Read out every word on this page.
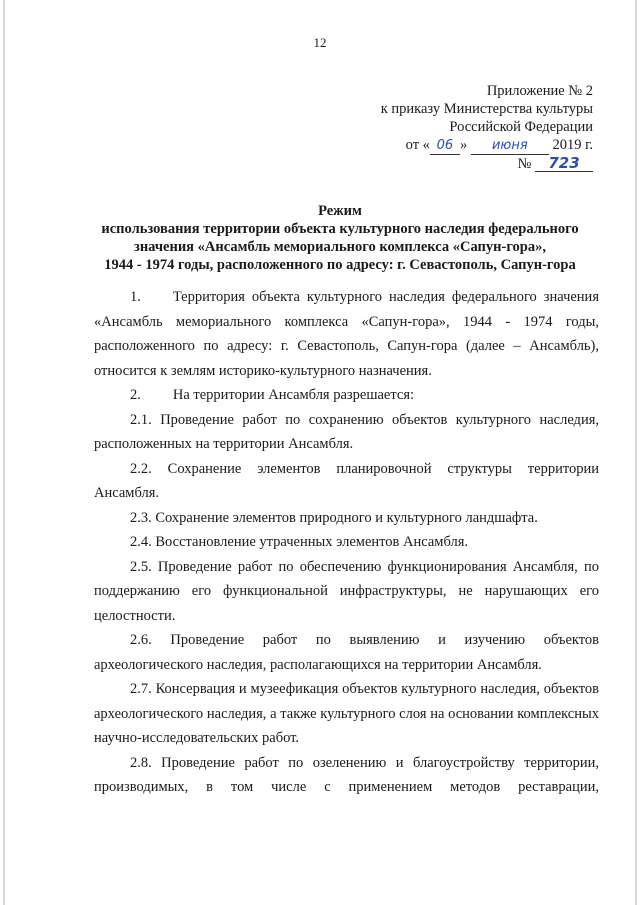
12
Приложение № 2
к приказу Министерства культуры
Российской Федерации
от « 06 » июня 2019 г.
№ 723
Режим
использования территории объекта культурного наследия федерального
значения «Ансамбль мемориального комплекса «Сапун-гора»,
1944 - 1974 годы, расположенного по адресу: г. Севастополь, Сапун-гора

1. Территория объекта культурного наследия федерального значения «Ансамбль мемориального комплекса «Сапун-гора», 1944 - 1974 годы, расположенного по адресу: г. Севастополь, Сапун-гора (далее – Ансамбль), относится к землям историко-культурного назначения.

2. На территории Ансамбля разрешается:

2.1. Проведение работ по сохранению объектов культурного наследия, расположенных на территории Ансамбля.

2.2. Сохранение элементов планировочной структуры территории Ансамбля.

2.3. Сохранение элементов природного и культурного ландшафта.

2.4. Восстановление утраченных элементов Ансамбля.

2.5. Проведение работ по обеспечению функционирования Ансамбля, по поддержанию его функциональной инфраструктуры, не нарушающих его целостности.

2.6. Проведение работ по выявлению и изучению объектов археологического наследия, располагающихся на территории Ансамбля.

2.7. Консервация и музеефикация объектов культурного наследия, объектов археологического наследия, а также культурного слоя на основании комплексных научно-исследовательских работ.

2.8. Проведение работ по озеленению и благоустройству территории, производимых, в том числе с применением методов реставрации,
